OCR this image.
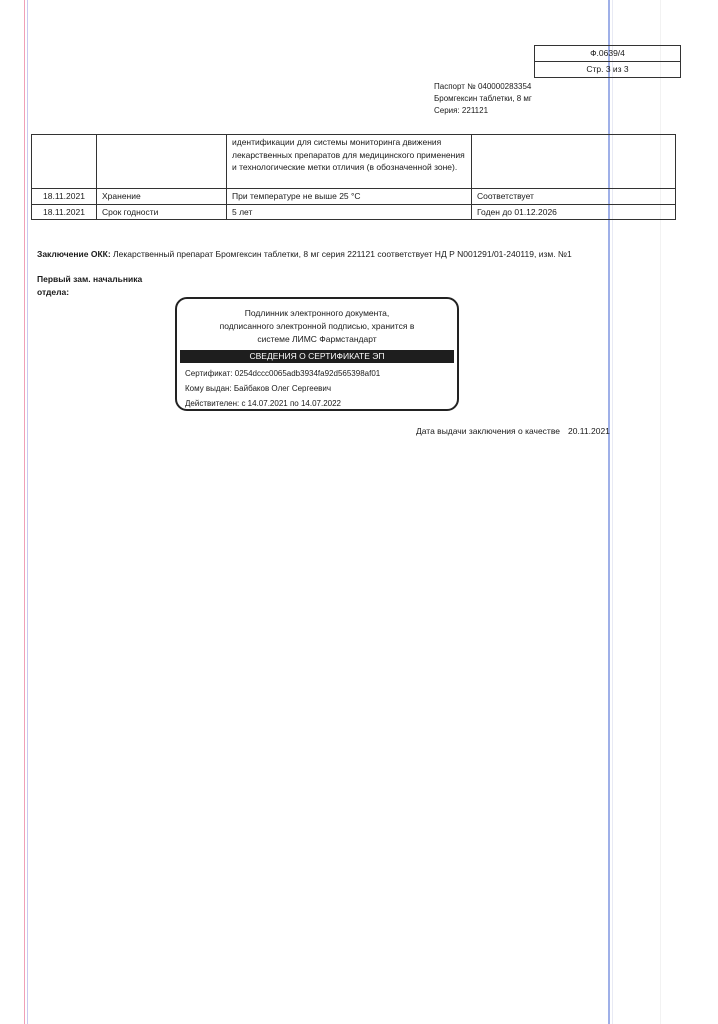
Ф.0639/4
Стр. 3 из 3
Паспорт № 040000283354
Бромгексин таблетки, 8 мг
Серия: 221121
		идентификации для системы мониторинга движения лекарственных препаратов для медицинского применения и технологические метки отличия (в обозначенной зоне).	
18.11.2021	Хранение	При температуре не выше 25 °С	Соответствует
18.11.2021	Срок годности	5 лет	Годен до 01.12.2026
Заключение ОКК: Лекарственный препарат Бромгексин таблетки, 8 мг серия 221121 соответствует НД Р N001291/01-240119, изм. №1
Первый зам. начальника
отдела:
Подлинник электронного документа,
подписанного электронной подписью, хранится в
системе ЛИМС Фармстандарт
СВЕДЕНИЯ О СЕРТИФИКАТЕ ЭП
Сертификат: 0254dccc0065adb3934fa92d565398af01
Кому выдан: Байбаков Олег Сергеевич
Действителен: с 14.07.2021 по 14.07.2022
Дата выдачи заключения о качестве 20.11.2021
